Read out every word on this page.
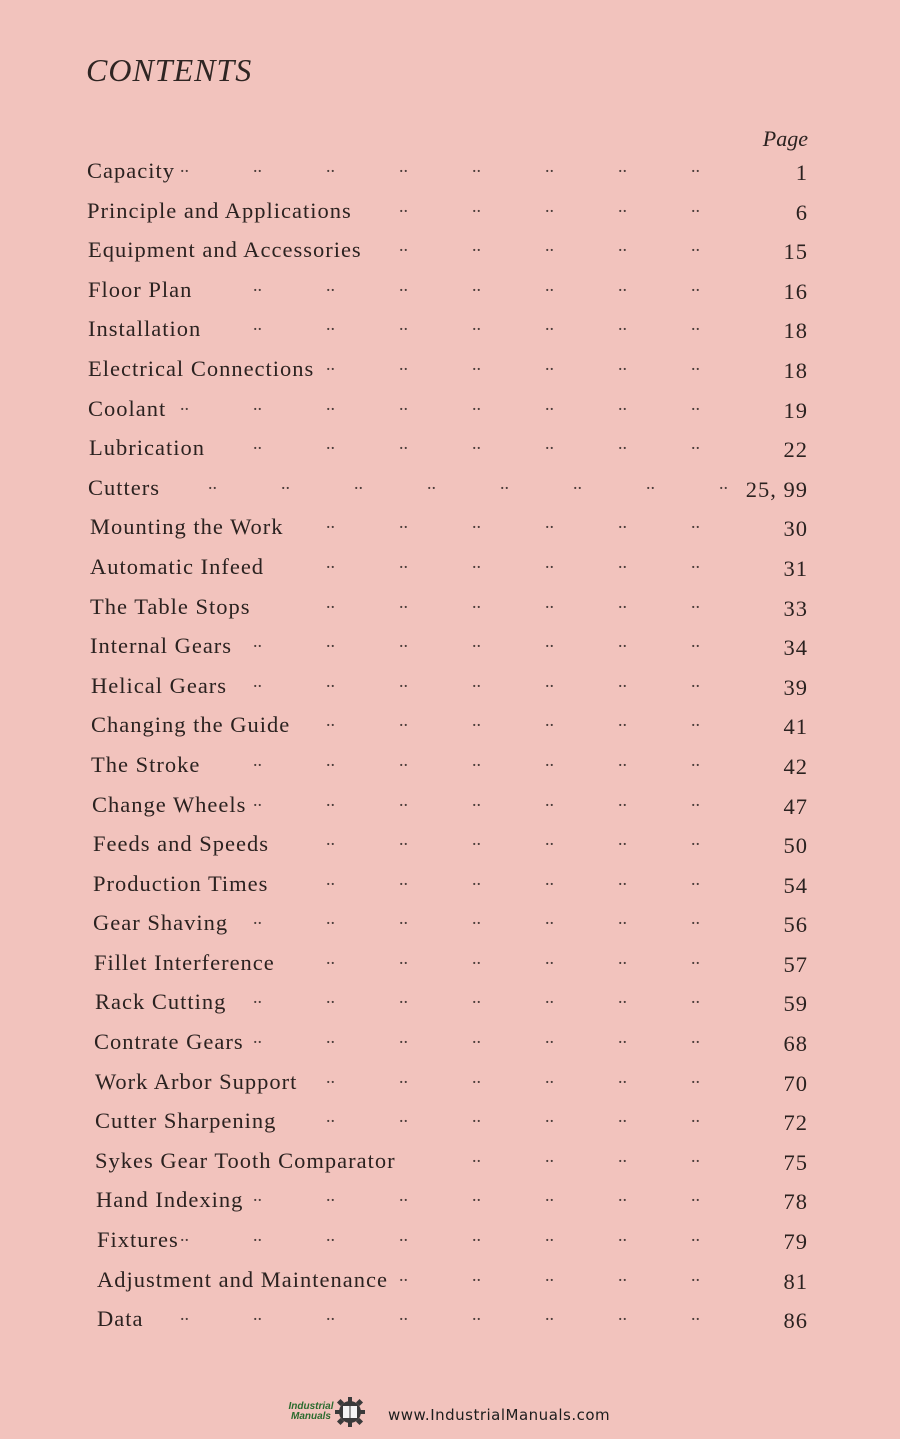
CONTENTS
Page
Capacity ..	..	..	..	..	..	..	..	1
Principle and Applications	..	..	..	..	..	6
Equipment and Accessories	..	..	..	..	..	15
Floor Plan	..	..	..	..	..	..	..	16
Installation	..	..	..	..	..	..	..	18
Electrical Connections ..	..	..	..	..	..	18
Coolant ..	..	..	..	..	..	..	..	19
Lubrication	..	..	..	..	..	..	..	22
Cutters	..	..	..	..	..	..	..	.. 25, 99
Mounting the Work	..	..	..	..	..	..	30
Automatic Infeed	..	..	..	..	..	..	31
The Table Stops	..	..	..	..	..	..	33
Internal Gears	..	..	..	..	..	..	..	34
Helical Gears	..	..	..	..	..	..	..	39
Changing the Guide	..	..	..	..	..	..	41
The Stroke	..	..	..	..	..	..	..	42
Change Wheels ..	..	..	..	..	..	..	47
Feeds and Speeds	..	..	..	..	..	..	50
Production Times	..	..	..	..	..	..	54
Gear Shaving	..	..	..	..	..	..	..	56
Fillet Interference	..	..	..	..	..	..	57
Rack Cutting	..	..	..	..	..	..	..	59
Contrate Gears ..	..	..	..	..	..	..	68
Work Arbor Support	..	..	..	..	..	..	70
Cutter Sharpening	..	..	..	..	..	..	72
Sykes Gear Tooth Comparator	..	..	..	..	75
Hand Indexing ..	..	..	..	..	..	..	78
Fixtures ..	..	..	..	..	..	..	..	79
Adjustment and Maintenance ..	..	..	..	..	81
Data	..	..	..	..	..	..	..	..	86
Industrial
Manuals	www.IndustrialManuals.com
